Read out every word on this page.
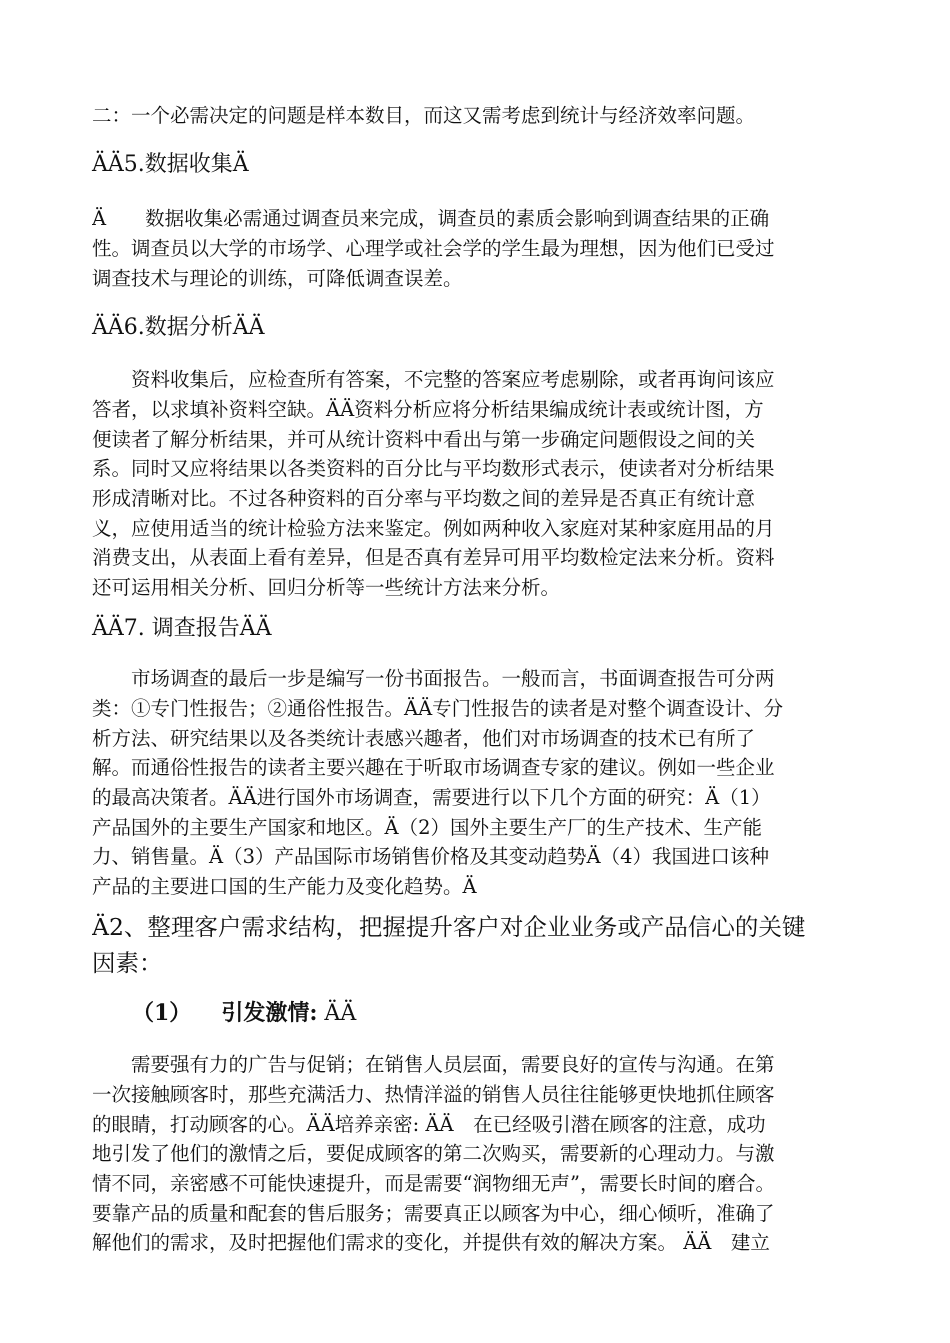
二：一个必需决定的问题是样本数目，而这又需考虑到统计与经济效率问题。
ÄÄ5.数据收集Ä
Ä　　数据收集必需通过调查员来完成，调查员的素质会影响到调查结果的正确
性。调查员以大学的市场学、心理学或社会学的学生最为理想，因为他们已受过
调查技术与理论的训练，可降低调查误差。
ÄÄ6.数据分析ÄÄ
　　资料收集后，应检查所有答案，不完整的答案应考虑剔除，或者再询问该应
答者，以求填补资料空缺。ÄÄ资料分析应将分析结果编成统计表或统计图，方
便读者了解分析结果，并可从统计资料中看出与第一步确定问题假设之间的关
系。同时又应将结果以各类资料的百分比与平均数形式表示，使读者对分析结果
形成清晰对比。不过各种资料的百分率与平均数之间的差异是否真正有统计意
义，应使用适当的统计检验方法来鉴定。例如两种收入家庭对某种家庭用品的月
消费支出，从表面上看有差异，但是否真有差异可用平均数检定法来分析。资料
还可运用相关分析、回归分析等一些统计方法来分析。
ÄÄ7. 调查报告ÄÄ
　　市场调查的最后一步是编写一份书面报告。一般而言，书面调查报告可分两
类：①专门性报告；②通俗性报告。ÄÄ专门性报告的读者是对整个调查设计、分
析方法、研究结果以及各类统计表感兴趣者，他们对市场调查的技术已有所了
解。而通俗性报告的读者主要兴趣在于听取市场调查专家的建议。例如一些企业
的最高决策者。ÄÄ进行国外市场调查，需要进行以下几个方面的研究：Ä（1）
产品国外的主要生产国家和地区。Ä（2）国外主要生产厂的生产技术、生产能
力、销售量。Ä（3）产品国际市场销售价格及其变动趋势Ä（4）我国进口该种
产品的主要进口国的生产能力及变化趋势。Ä
Ä2、整理客户需求结构，把握提升客户对企业业务或产品信心的关键
因素：
（1） 引发激情: ÄÄ
　　需要强有力的广告与促销；在销售人员层面，需要良好的宣传与沟通。在第
一次接触顾客时，那些充满活力、热情洋溢的销售人员往往能够更快地抓住顾客
的眼睛，打动顾客的心。ÄÄ培养亲密: ÄÄ　在已经吸引潜在顾客的注意，成功
地引发了他们的激情之后，要促成顾客的第二次购买，需要新的心理动力。与激
情不同，亲密感不可能快速提升，而是需要“润物细无声”，需要长时间的磨合。
要靠产品的质量和配套的售后服务；需要真正以顾客为中心，细心倾听，准确了
解他们的需求，及时把握他们需求的变化，并提供有效的解决方案。 ÄÄ　建立
